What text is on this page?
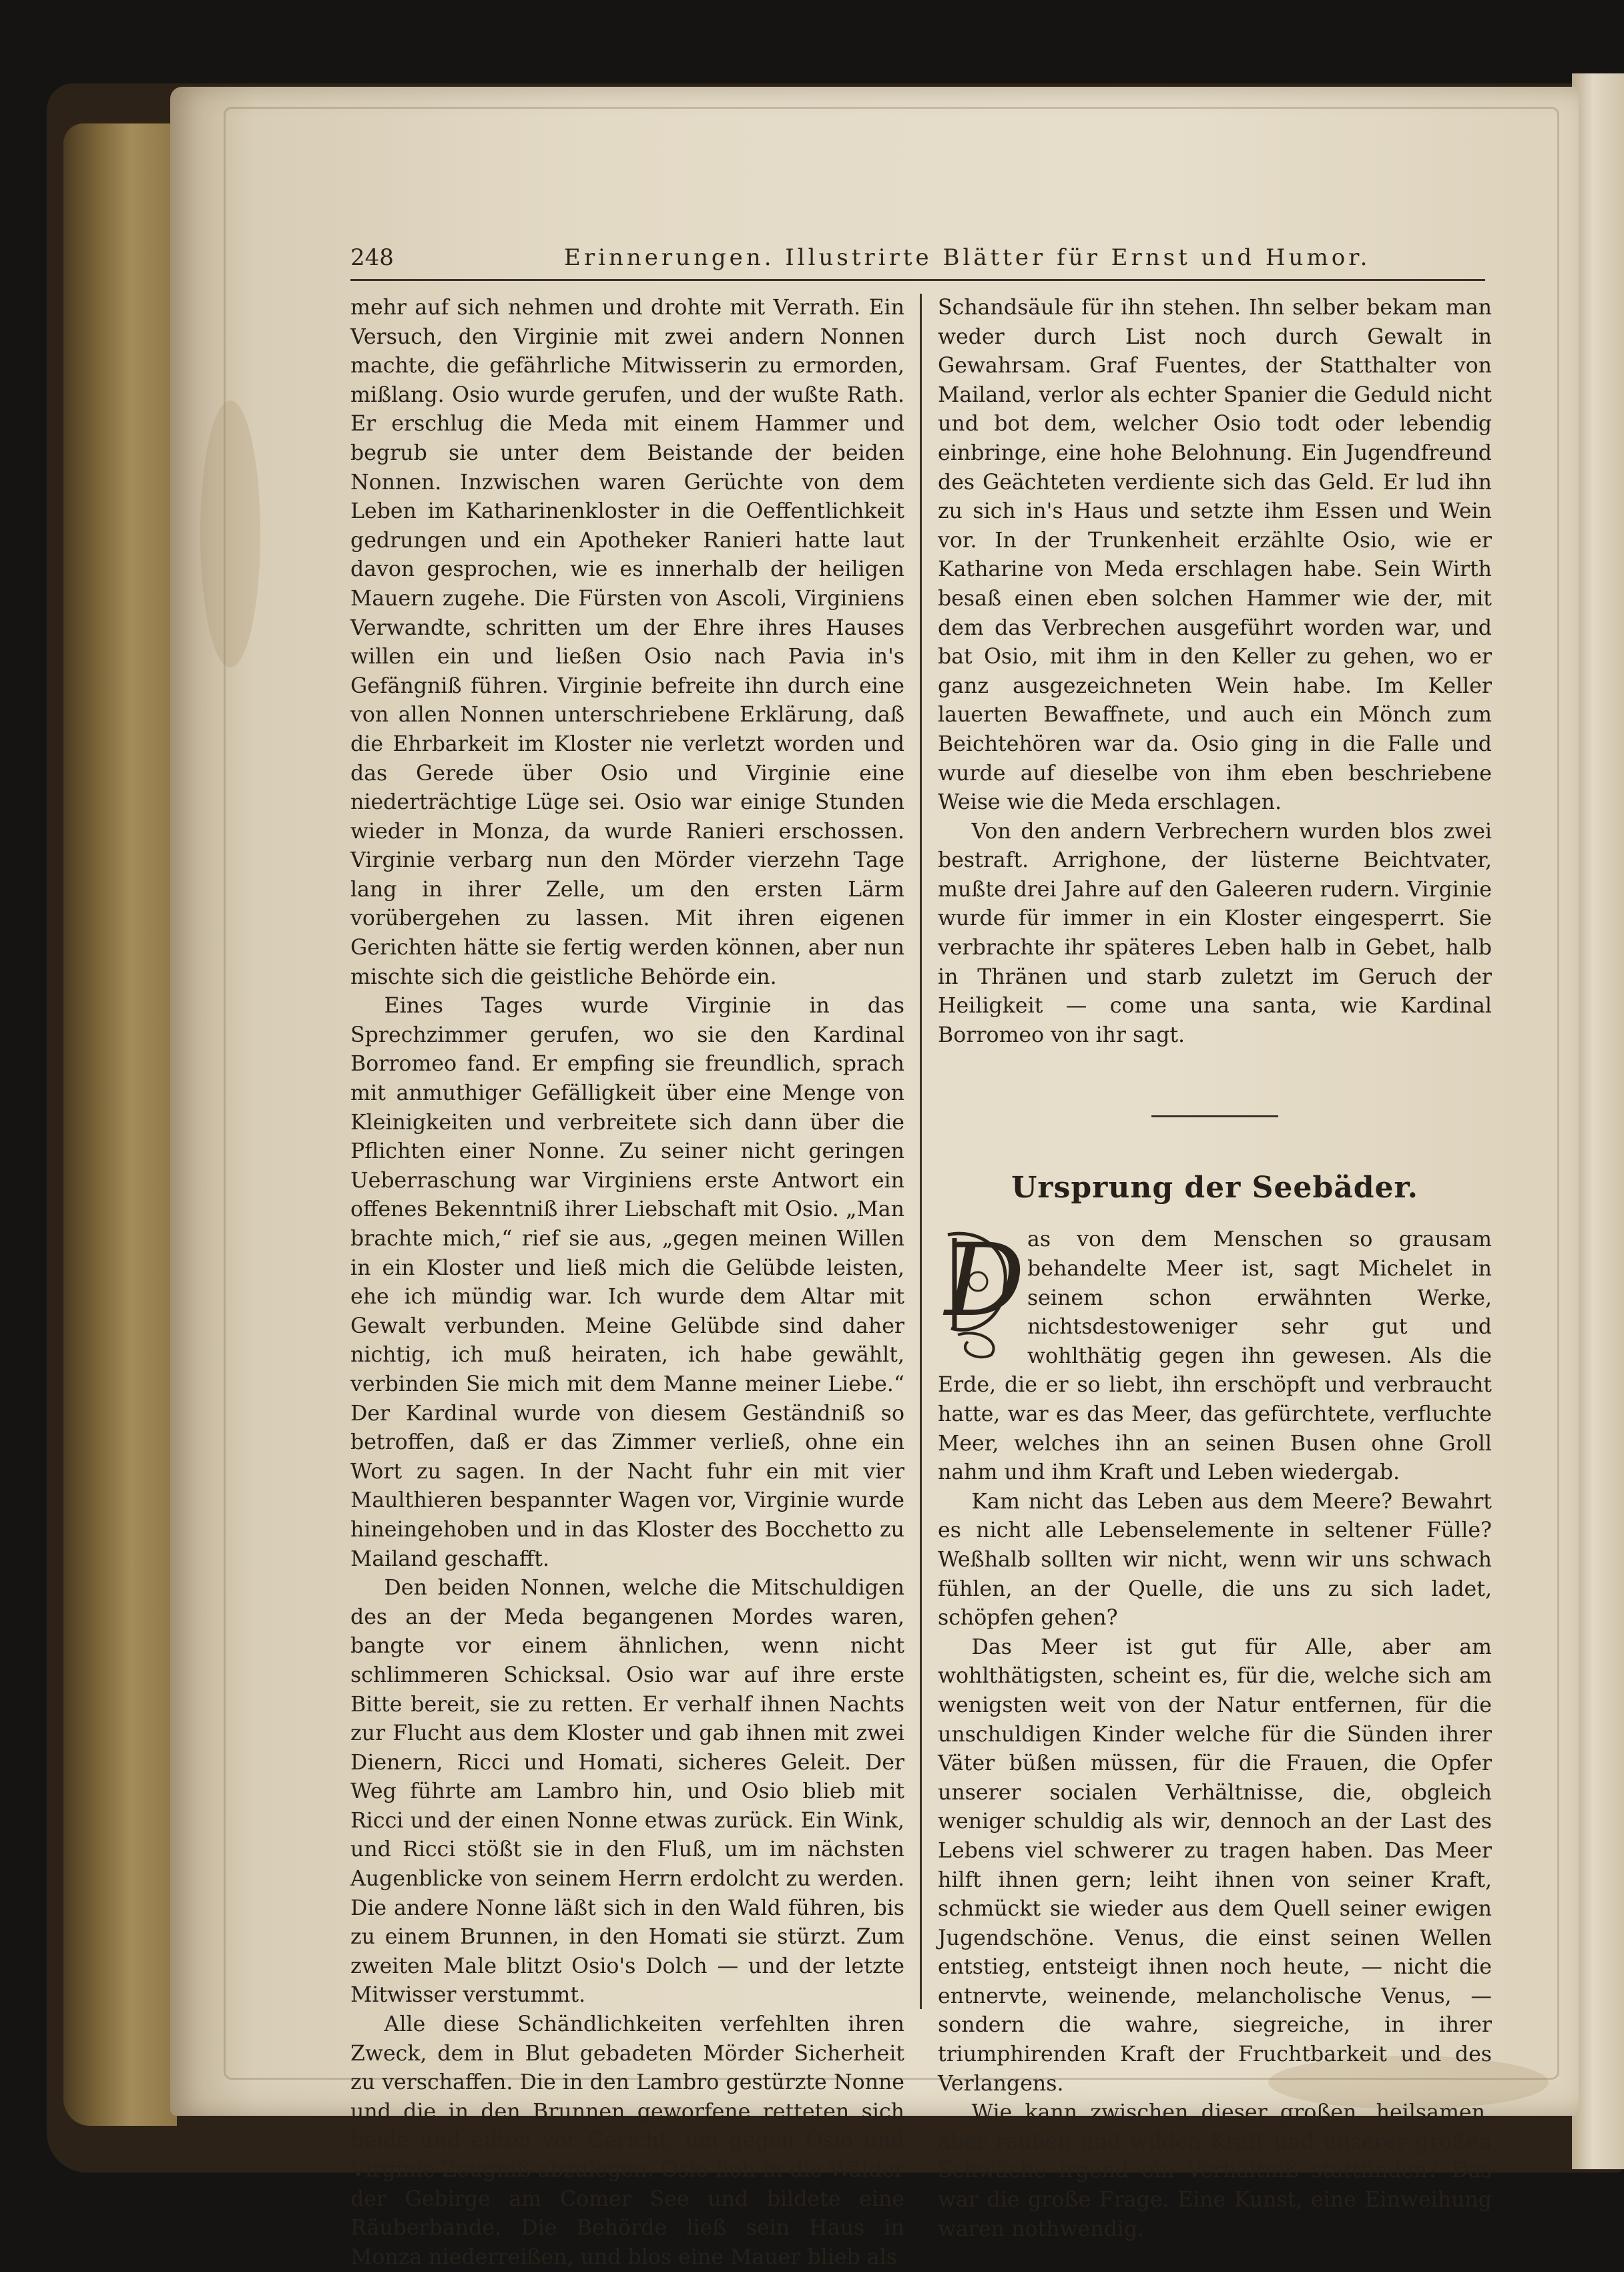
248	Erinnerungen. Illustrirte Blätter für Ernst und Humor.

mehr auf sich nehmen und drohte mit Verrath. Ein Versuch, den Virginie mit zwei andern Nonnen machte, die gefährliche Mitwisserin zu ermorden, mißlang. Osio wurde gerufen, und der wußte Rath. Er erschlug die Meda mit einem Hammer und begrub sie unter dem Beistande der beiden Nonnen. Inzwischen waren Gerüchte von dem Leben im Katharinenkloster in die Oeffentlichkeit gedrungen und ein Apotheker Ranieri hatte laut davon gesprochen, wie es innerhalb der heiligen Mauern zugehe. Die Fürsten von Ascoli, Virginiens Verwandte, schritten um der Ehre ihres Hauses willen ein und ließen Osio nach Pavia in's Gefängniß führen. Virginie befreite ihn durch eine von allen Nonnen unterschriebene Erklärung, daß die Ehrbarkeit im Kloster nie verletzt worden und das Gerede über Osio und Virginie eine niederträchtige Lüge sei. Osio war einige Stunden wieder in Monza, da wurde Ranieri erschossen. Virginie verbarg nun den Mörder vierzehn Tage lang in ihrer Zelle, um den ersten Lärm vorübergehen zu lassen. Mit ihren eigenen Gerichten hätte sie fertig werden können, aber nun mischte sich die geistliche Behörde ein.

Eines Tages wurde Virginie in das Sprechzimmer gerufen, wo sie den Kardinal Borromeo fand. Er empfing sie freundlich, sprach mit anmuthiger Gefälligkeit über eine Menge von Kleinigkeiten und verbreitete sich dann über die Pflichten einer Nonne. Zu seiner nicht geringen Ueberraschung war Virginiens erste Antwort ein offenes Bekenntniß ihrer Liebschaft mit Osio. „Man brachte mich,“ rief sie aus, „gegen meinen Willen in ein Kloster und ließ mich die Gelübde leisten, ehe ich mündig war. Ich wurde dem Altar mit Gewalt verbunden. Meine Gelübde sind daher nichtig, ich muß heiraten, ich habe gewählt, verbinden Sie mich mit dem Manne meiner Liebe.“ Der Kardinal wurde von diesem Geständniß so betroffen, daß er das Zimmer verließ, ohne ein Wort zu sagen. In der Nacht fuhr ein mit vier Maulthieren bespannter Wagen vor, Virginie wurde hineingehoben und in das Kloster des Bocchetto zu Mailand geschafft.

Den beiden Nonnen, welche die Mitschuldigen des an der Meda begangenen Mordes waren, bangte vor einem ähnlichen, wenn nicht schlimmeren Schicksal. Osio war auf ihre erste Bitte bereit, sie zu retten. Er verhalf ihnen Nachts zur Flucht aus dem Kloster und gab ihnen mit zwei Dienern, Ricci und Homati, sicheres Geleit. Der Weg führte am Lambro hin, und Osio blieb mit Ricci und der einen Nonne etwas zurück. Ein Wink, und Ricci stößt sie in den Fluß, um im nächsten Augenblicke von seinem Herrn erdolcht zu werden. Die andere Nonne läßt sich in den Wald führen, bis zu einem Brunnen, in den Homati sie stürzt. Zum zweiten Male blitzt Osio's Dolch — und der letzte Mitwisser verstummt.

Alle diese Schändlichkeiten verfehlten ihren Zweck, dem in Blut gebadeten Mörder Sicherheit zu verschaffen. Die in den Lambro gestürzte Nonne und die in den Brunnen geworfene retteten sich beide und eilten vor Gericht, um gegen Osio und Virginie Zeugniß abzulegen. Osio floh in die Wälder der Gebirge am Comer See und bildete eine Räuberbande. Die Behörde ließ sein Haus in Monza niederreißen, und blos eine Mauer blieb als

Schandsäule für ihn stehen. Ihn selber bekam man weder durch List noch durch Gewalt in Gewahrsam. Graf Fuentes, der Statthalter von Mailand, verlor als echter Spanier die Geduld nicht und bot dem, welcher Osio todt oder lebendig einbringe, eine hohe Belohnung. Ein Jugendfreund des Geächteten verdiente sich das Geld. Er lud ihn zu sich in's Haus und setzte ihm Essen und Wein vor. In der Trunkenheit erzählte Osio, wie er Katharine von Meda erschlagen habe. Sein Wirth besaß einen eben solchen Hammer wie der, mit dem das Verbrechen ausgeführt worden war, und bat Osio, mit ihm in den Keller zu gehen, wo er ganz ausgezeichneten Wein habe. Im Keller lauerten Bewaffnete, und auch ein Mönch zum Beichtehören war da. Osio ging in die Falle und wurde auf dieselbe von ihm eben beschriebene Weise wie die Meda erschlagen.

Von den andern Verbrechern wurden blos zwei bestraft. Arrighone, der lüsterne Beichtvater, mußte drei Jahre auf den Galeeren rudern. Virginie wurde für immer in ein Kloster eingesperrt. Sie verbrachte ihr späteres Leben halb in Gebet, halb in Thränen und starb zuletzt im Geruch der Heiligkeit — come una santa, wie Kardinal Borromeo von ihr sagt.

Ursprung der Seebäder.

D as von dem Menschen so grausam behandelte Meer ist, sagt Michelet in seinem schon erwähnten Werke, nichtsdestoweniger sehr gut und wohlthätig gegen ihn gewesen. Als die Erde, die er so liebt, ihn erschöpft und verbraucht hatte, war es das Meer, das gefürchtete, verfluchte Meer, welches ihn an seinen Busen ohne Groll nahm und ihm Kraft und Leben wiedergab.

Kam nicht das Leben aus dem Meere? Bewahrt es nicht alle Lebenselemente in seltener Fülle? Weßhalb sollten wir nicht, wenn wir uns schwach fühlen, an der Quelle, die uns zu sich ladet, schöpfen gehen?

Das Meer ist gut für Alle, aber am wohlthätigsten, scheint es, für die, welche sich am wenigsten weit von der Natur entfernen, für die unschuldigen Kinder welche für die Sünden ihrer Väter büßen müssen, für die Frauen, die Opfer unserer socialen Verhältnisse, die, obgleich weniger schuldig als wir, dennoch an der Last des Lebens viel schwerer zu tragen haben. Das Meer hilft ihnen gern; leiht ihnen von seiner Kraft, schmückt sie wieder aus dem Quell seiner ewigen Jugendschöne. Venus, die einst seinen Wellen entstieg, entsteigt ihnen noch heute, — nicht die entnervte, weinende, melancholische Venus, — sondern die wahre, siegreiche, in ihrer triumphirenden Kraft der Fruchtbarkeit und des Verlangens.

Wie kann zwischen dieser großen, heilsamen, aber rauhen und wilden Kraft und unserer großen Schwäche irgend ein Verhältniß stattfinden? Das war die große Frage. Eine Kunst, eine Einweihung waren nothwendig.
